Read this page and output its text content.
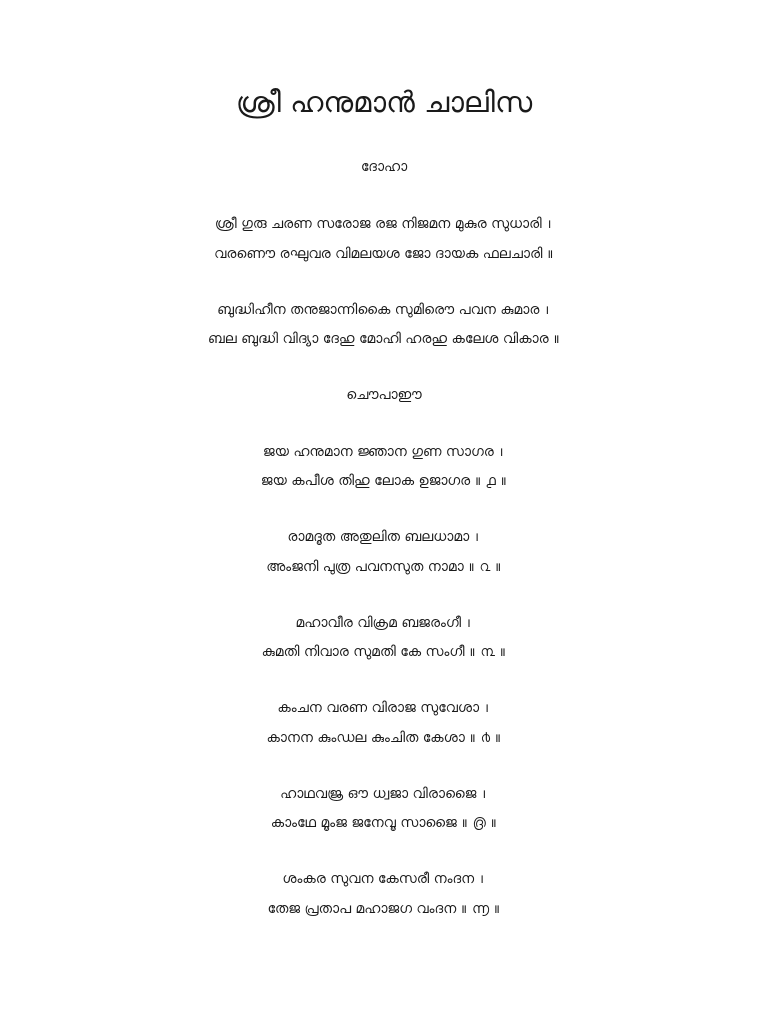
ശ്രീ ഹനുമാൻ ചാലിസ
ദോഹാ
ശ്രീ ഗുരു ചരണ സരോജ രജ നിജമന മുകുര സുധാരി ।
വരണൌ രഘുവര വിമലയശ ജോ ദായക ഫലചാരി ॥
ബുദ്ധിഹീന തനുജാന്നികൈ സുമിരൌ പവന കുമാര ।
ബല ബുദ്ധി വിദ്യാ ദേഹു മോഹി ഹരഹു കലേശ വികാര ॥
ചൌപാഈ
ജയ ഹനുമാന ജ്ഞാന ഗുണ സാഗര ।
ജയ കപീശ തിഹു ലോക ഉജാഗര ॥ ൧ ॥
രാമദൂത അതുലിത ബലധാമാ ।
അംജനി പുത്ര പവനസുത നാമാ ॥ ൨ ॥
മഹാവീര വിക്രമ ബജരംഗീ ।
കുമതി നിവാര സുമതി കേ സംഗീ ॥ ൩ ॥
കംചന വരണ വിരാജ സുവേശാ ।
കാനന കുംഡല കുംചിത കേശാ ॥ ൪ ॥
ഹാഥവജ്ര ഔ ധ്വജാ വിരാജൈ ।
കാംഥേ മൂംജ ജനേവൂ സാജൈ ॥ ൫ ॥
ശംകര സുവന കേസരീ നംദന ।
തേജ പ്രതാപ മഹാജഗ വംദന ॥ ൬ ॥
